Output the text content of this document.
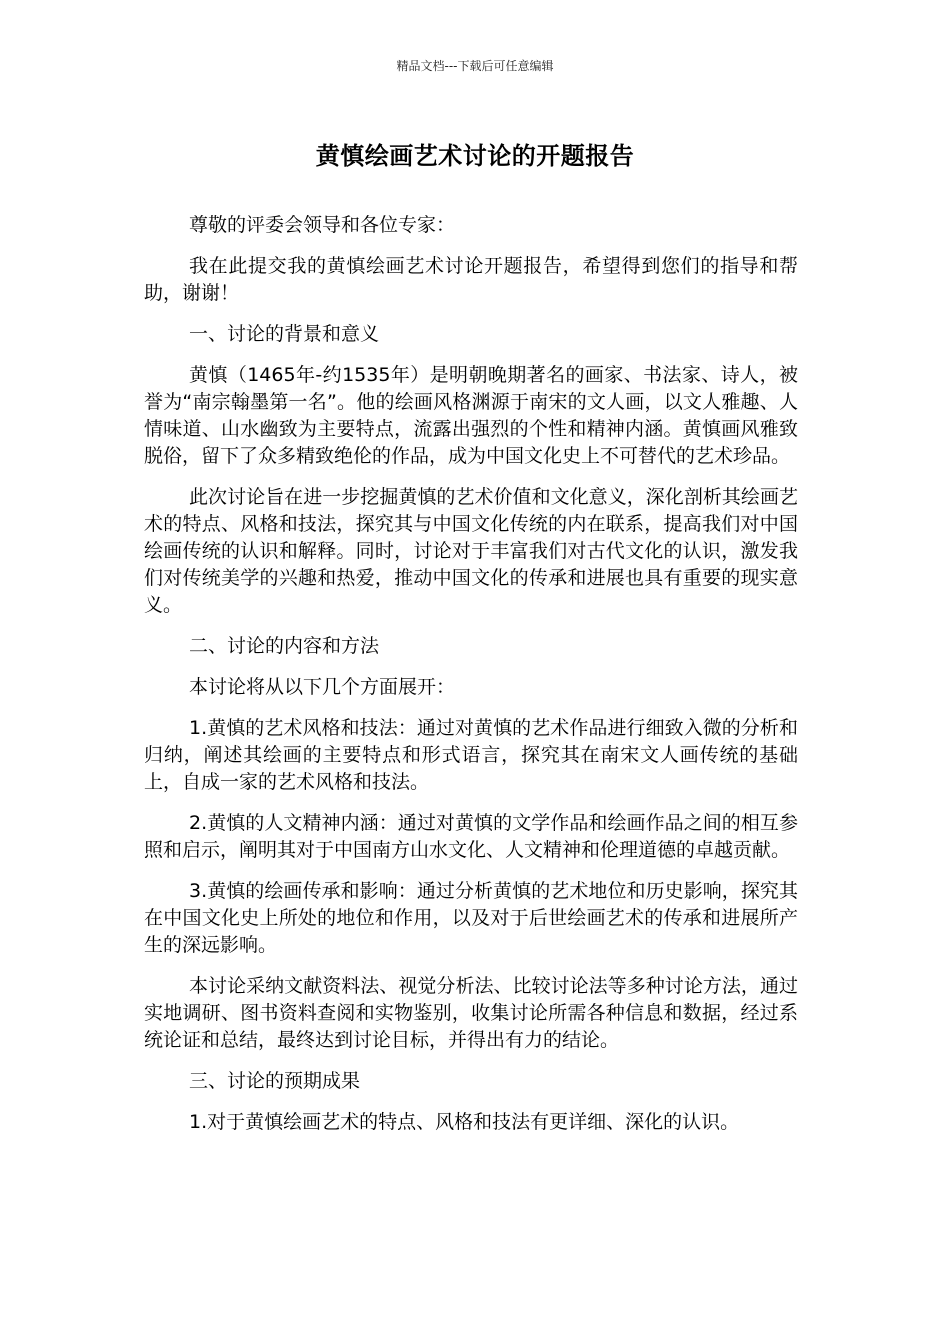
精品文档---下载后可任意编辑
黄慎绘画艺术讨论的开题报告

尊敬的评委会领导和各位专家：

我在此提交我的黄慎绘画艺术讨论开题报告，希望得到您们的指导和帮助，谢谢！

一、讨论的背景和意义

黄慎（1465年-约1535年）是明朝晚期著名的画家、书法家、诗人，被誉为“南宗翰墨第一名”。他的绘画风格渊源于南宋的文人画，以文人雅趣、人情味道、山水幽致为主要特点，流露出强烈的个性和精神内涵。黄慎画风雅致脱俗，留下了众多精致绝伦的作品，成为中国文化史上不可替代的艺术珍品。

此次讨论旨在进一步挖掘黄慎的艺术价值和文化意义，深化剖析其绘画艺术的特点、风格和技法，探究其与中国文化传统的内在联系，提高我们对中国绘画传统的认识和解释。同时，讨论对于丰富我们对古代文化的认识，激发我们对传统美学的兴趣和热爱，推动中国文化的传承和进展也具有重要的现实意义。

二、讨论的内容和方法

本讨论将从以下几个方面展开：

1.黄慎的艺术风格和技法：通过对黄慎的艺术作品进行细致入微的分析和归纳，阐述其绘画的主要特点和形式语言，探究其在南宋文人画传统的基础上，自成一家的艺术风格和技法。

2.黄慎的人文精神内涵：通过对黄慎的文学作品和绘画作品之间的相互参照和启示，阐明其对于中国南方山水文化、人文精神和伦理道德的卓越贡献。

3.黄慎的绘画传承和影响：通过分析黄慎的艺术地位和历史影响，探究其在中国文化史上所处的地位和作用，以及对于后世绘画艺术的传承和进展所产生的深远影响。

本讨论采纳文献资料法、视觉分析法、比较讨论法等多种讨论方法，通过实地调研、图书资料查阅和实物鉴别，收集讨论所需各种信息和数据，经过系统论证和总结，最终达到讨论目标，并得出有力的结论。

三、讨论的预期成果

1.对于黄慎绘画艺术的特点、风格和技法有更详细、深化的认识。
